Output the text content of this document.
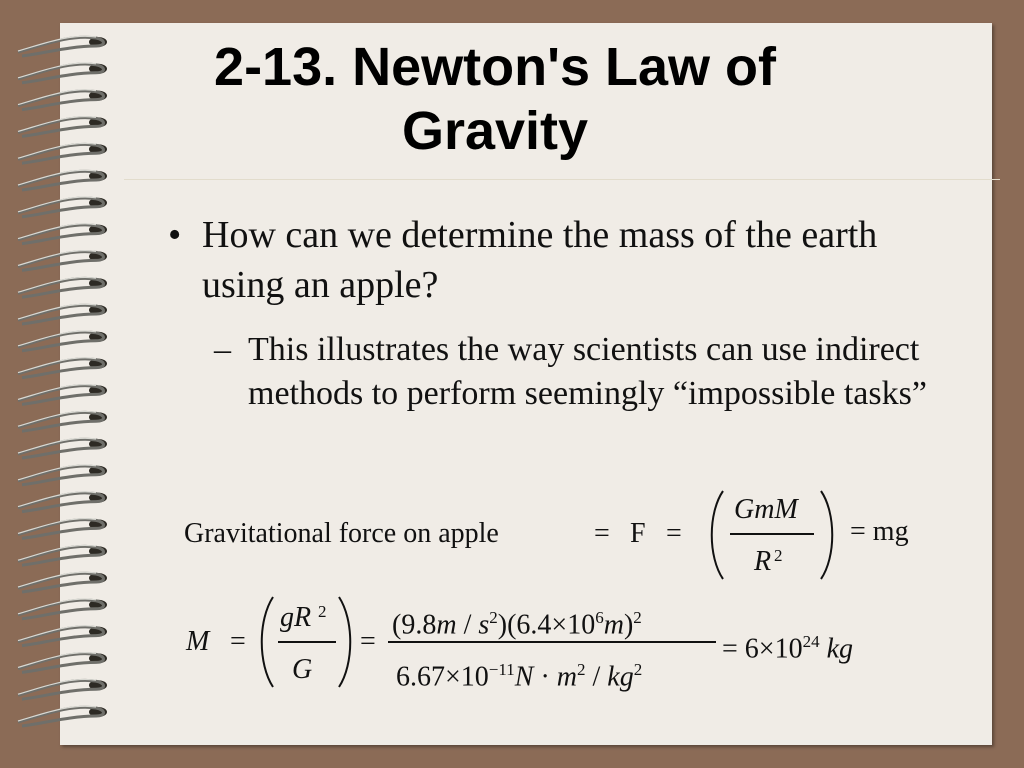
2-13. Newton's Law of Gravity
• How can we determine the mass of the earth using an apple?
– This illustrates the way scientists can use indirect methods to perform seemingly “impossible tasks”
Gravitational force on apple	= F =
GmM
R 2
= mg
M =
gR 2
G
=
$(9.8m / s^2)(6.4\times 10^6m)^2$
$6.67\times 10^{-11}N \cdot m^2 / kg^2$
= $6\times 10^{24}$ kg
